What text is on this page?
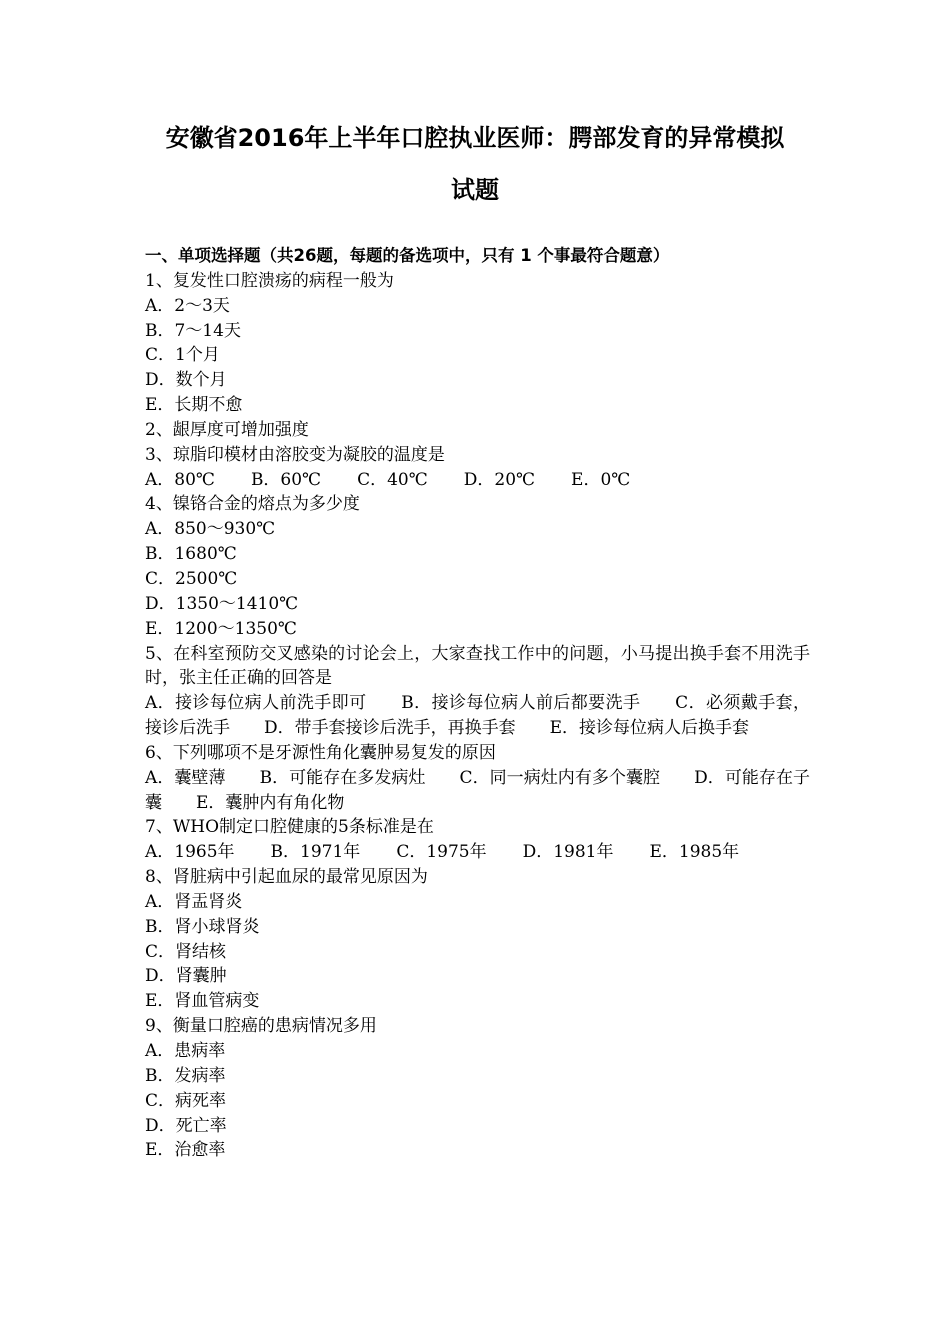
安徽省2016年上半年口腔执业医师：腭部发育的异常模拟
试题
一、单项选择题（共26题，每题的备选项中，只有 1 个事最符合题意）
1、复发性口腔溃疡的病程一般为
A．2～3天
B．7～14天
C．1个月
D．数个月
E．长期不愈
2、龈厚度可增加强度
3、琼脂印模材由溶胶变为凝胶的温度是
A．80℃ B．60℃ C．40℃ D．20℃ E．0℃
4、镍铬合金的熔点为多少度
A．850～930℃
B．1680℃
C．2500℃
D．1350～1410℃
E．1200～1350℃
5、在科室预防交叉感染的讨论会上，大家查找工作中的问题，小马提出换手套不用洗手时，张主任正确的回答是
A．接诊每位病人前洗手即可　　B．接诊每位病人前后都要洗手　　C．必须戴手套，接诊后洗手　　D．带手套接诊后洗手，再换手套　　E．接诊每位病人后换手套
6、下列哪项不是牙源性角化囊肿易复发的原因
A．囊壁薄　　B．可能存在多发病灶　　C．同一病灶内有多个囊腔　　D．可能存在子囊　　E．囊肿内有角化物
7、WHO制定口腔健康的5条标准是在
A．1965年 B．1971年 C．1975年 D．1981年 E．1985年
8、肾脏病中引起血尿的最常见原因为
A．肾盂肾炎
B．肾小球肾炎
C．肾结核
D．肾囊肿
E．肾血管病变
9、衡量口腔癌的患病情况多用
A．患病率
B．发病率
C．病死率
D．死亡率
E．治愈率
